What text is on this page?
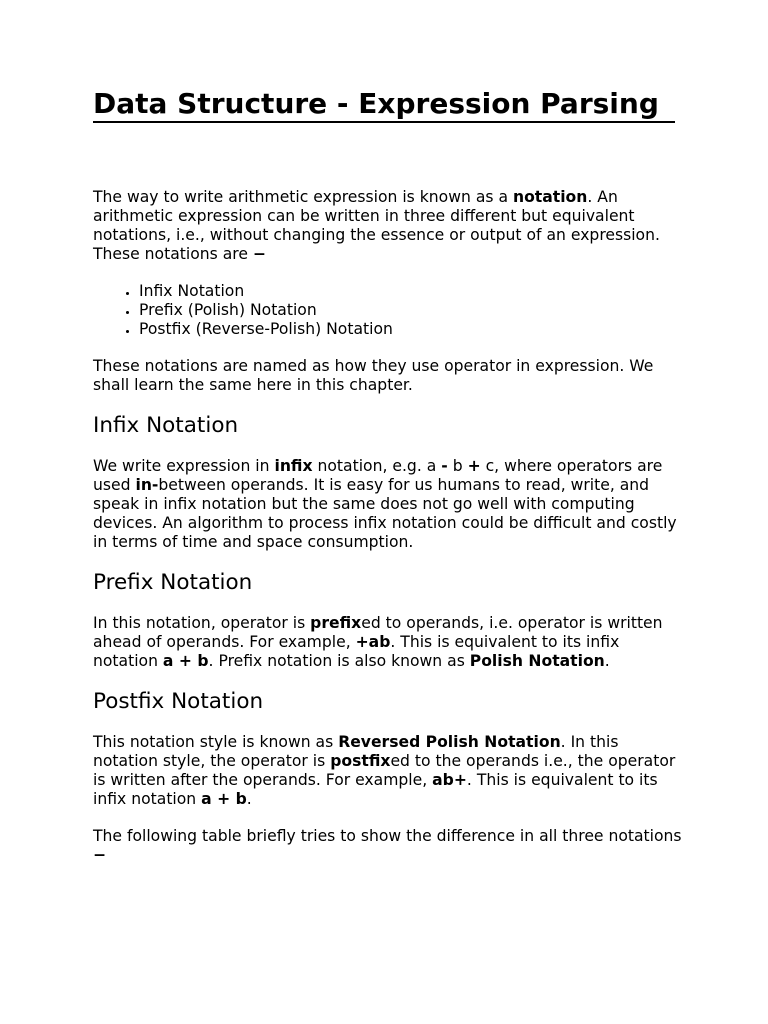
Data Structure - Expression Parsing

The way to write arithmetic expression is known as a notation. An arithmetic expression can be written in three different but equivalent notations, i.e., without changing the essence or output of an expression. These notations are −

• Infix Notation
• Prefix (Polish) Notation
• Postfix (Reverse-Polish) Notation

These notations are named as how they use operator in expression. We shall learn the same here in this chapter.

Infix Notation

We write expression in infix notation, e.g. a - b + c, where operators are used in-between operands. It is easy for us humans to read, write, and speak in infix notation but the same does not go well with computing devices. An algorithm to process infix notation could be difficult and costly in terms of time and space consumption.

Prefix Notation

In this notation, operator is prefixed to operands, i.e. operator is written ahead of operands. For example, +ab. This is equivalent to its infix notation a + b. Prefix notation is also known as Polish Notation.

Postfix Notation

This notation style is known as Reversed Polish Notation. In this notation style, the operator is postfixed to the operands i.e., the operator is written after the operands. For example, ab+. This is equivalent to its infix notation a + b.

The following table briefly tries to show the difference in all three notations −
